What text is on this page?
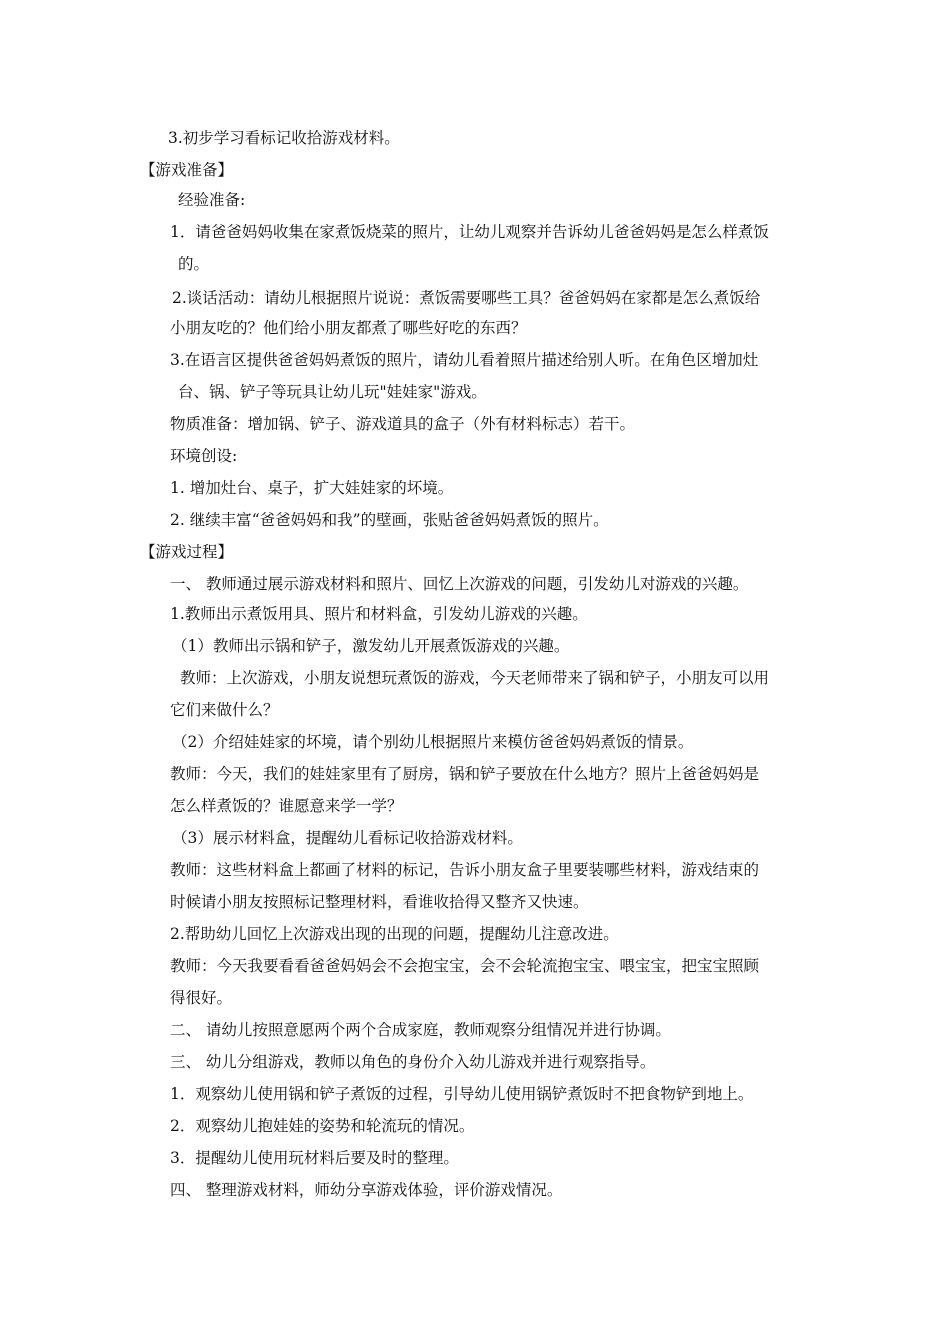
3.初步学习看标记收拾游戏材料。
【游戏准备】
经验准备:
1．请爸爸妈妈收集在家煮饭烧菜的照片，让幼儿观察并告诉幼儿爸爸妈妈是怎么样煮饭
的。
2.谈话活动：请幼儿根据照片说说：煮饭需要哪些工具？爸爸妈妈在家都是怎么煮饭给
小朋友吃的？他们给小朋友都煮了哪些好吃的东西？
3.在语言区提供爸爸妈妈煮饭的照片，请幼儿看着照片描述给别人听。在角色区增加灶
台、锅、铲子等玩具让幼儿玩"娃娃家"游戏。
物质准备：增加锅、铲子、游戏道具的盒子（外有材料标志）若干。
环境创设:
1. 增加灶台、桌子，扩大娃娃家的坏境。
2. 继续丰富“爸爸妈妈和我”的壁画，张贴爸爸妈妈煮饭的照片。
【游戏过程】
一、 教师通过展示游戏材料和照片、回忆上次游戏的问题，引发幼儿对游戏的兴趣。
1.教师出示煮饭用具、照片和材料盒，引发幼儿游戏的兴趣。
（1）教师出示锅和铲子，激发幼儿开展煮饭游戏的兴趣。
教师：上次游戏，小朋友说想玩煮饭的游戏，今天老师带来了锅和铲子，小朋友可以用
它们来做什么？
（2）介绍娃娃家的坏境，请个别幼儿根据照片来模仿爸爸妈妈煮饭的情景。
教师：今天，我们的娃娃家里有了厨房，锅和铲子要放在什么地方？照片上爸爸妈妈是
怎么样煮饭的？谁愿意来学一学？
（3）展示材料盒，提醒幼儿看标记收拾游戏材料。
教师：这些材料盒上都画了材料的标记，告诉小朋友盒子里要装哪些材料，游戏结束的
时候请小朋友按照标记整理材料，看谁收拾得又整齐又快速。
2.帮助幼儿回忆上次游戏出现的出现的问题，提醒幼儿注意改进。
教师：今天我要看看爸爸妈妈会不会抱宝宝，会不会轮流抱宝宝、喂宝宝，把宝宝照顾
得很好。
二、 请幼儿按照意愿两个两个合成家庭，教师观察分组情况并进行协调。
三、 幼儿分组游戏，教师以角色的身份介入幼儿游戏并进行观察指导。
1．观察幼儿使用锅和铲子煮饭的过程，引导幼儿使用锅铲煮饭时不把食物铲到地上。
2．观察幼儿抱娃娃的姿势和轮流玩的情况。
3．提醒幼儿使用玩材料后要及时的整理。
四、 整理游戏材料，师幼分享游戏体验，评价游戏情况。
